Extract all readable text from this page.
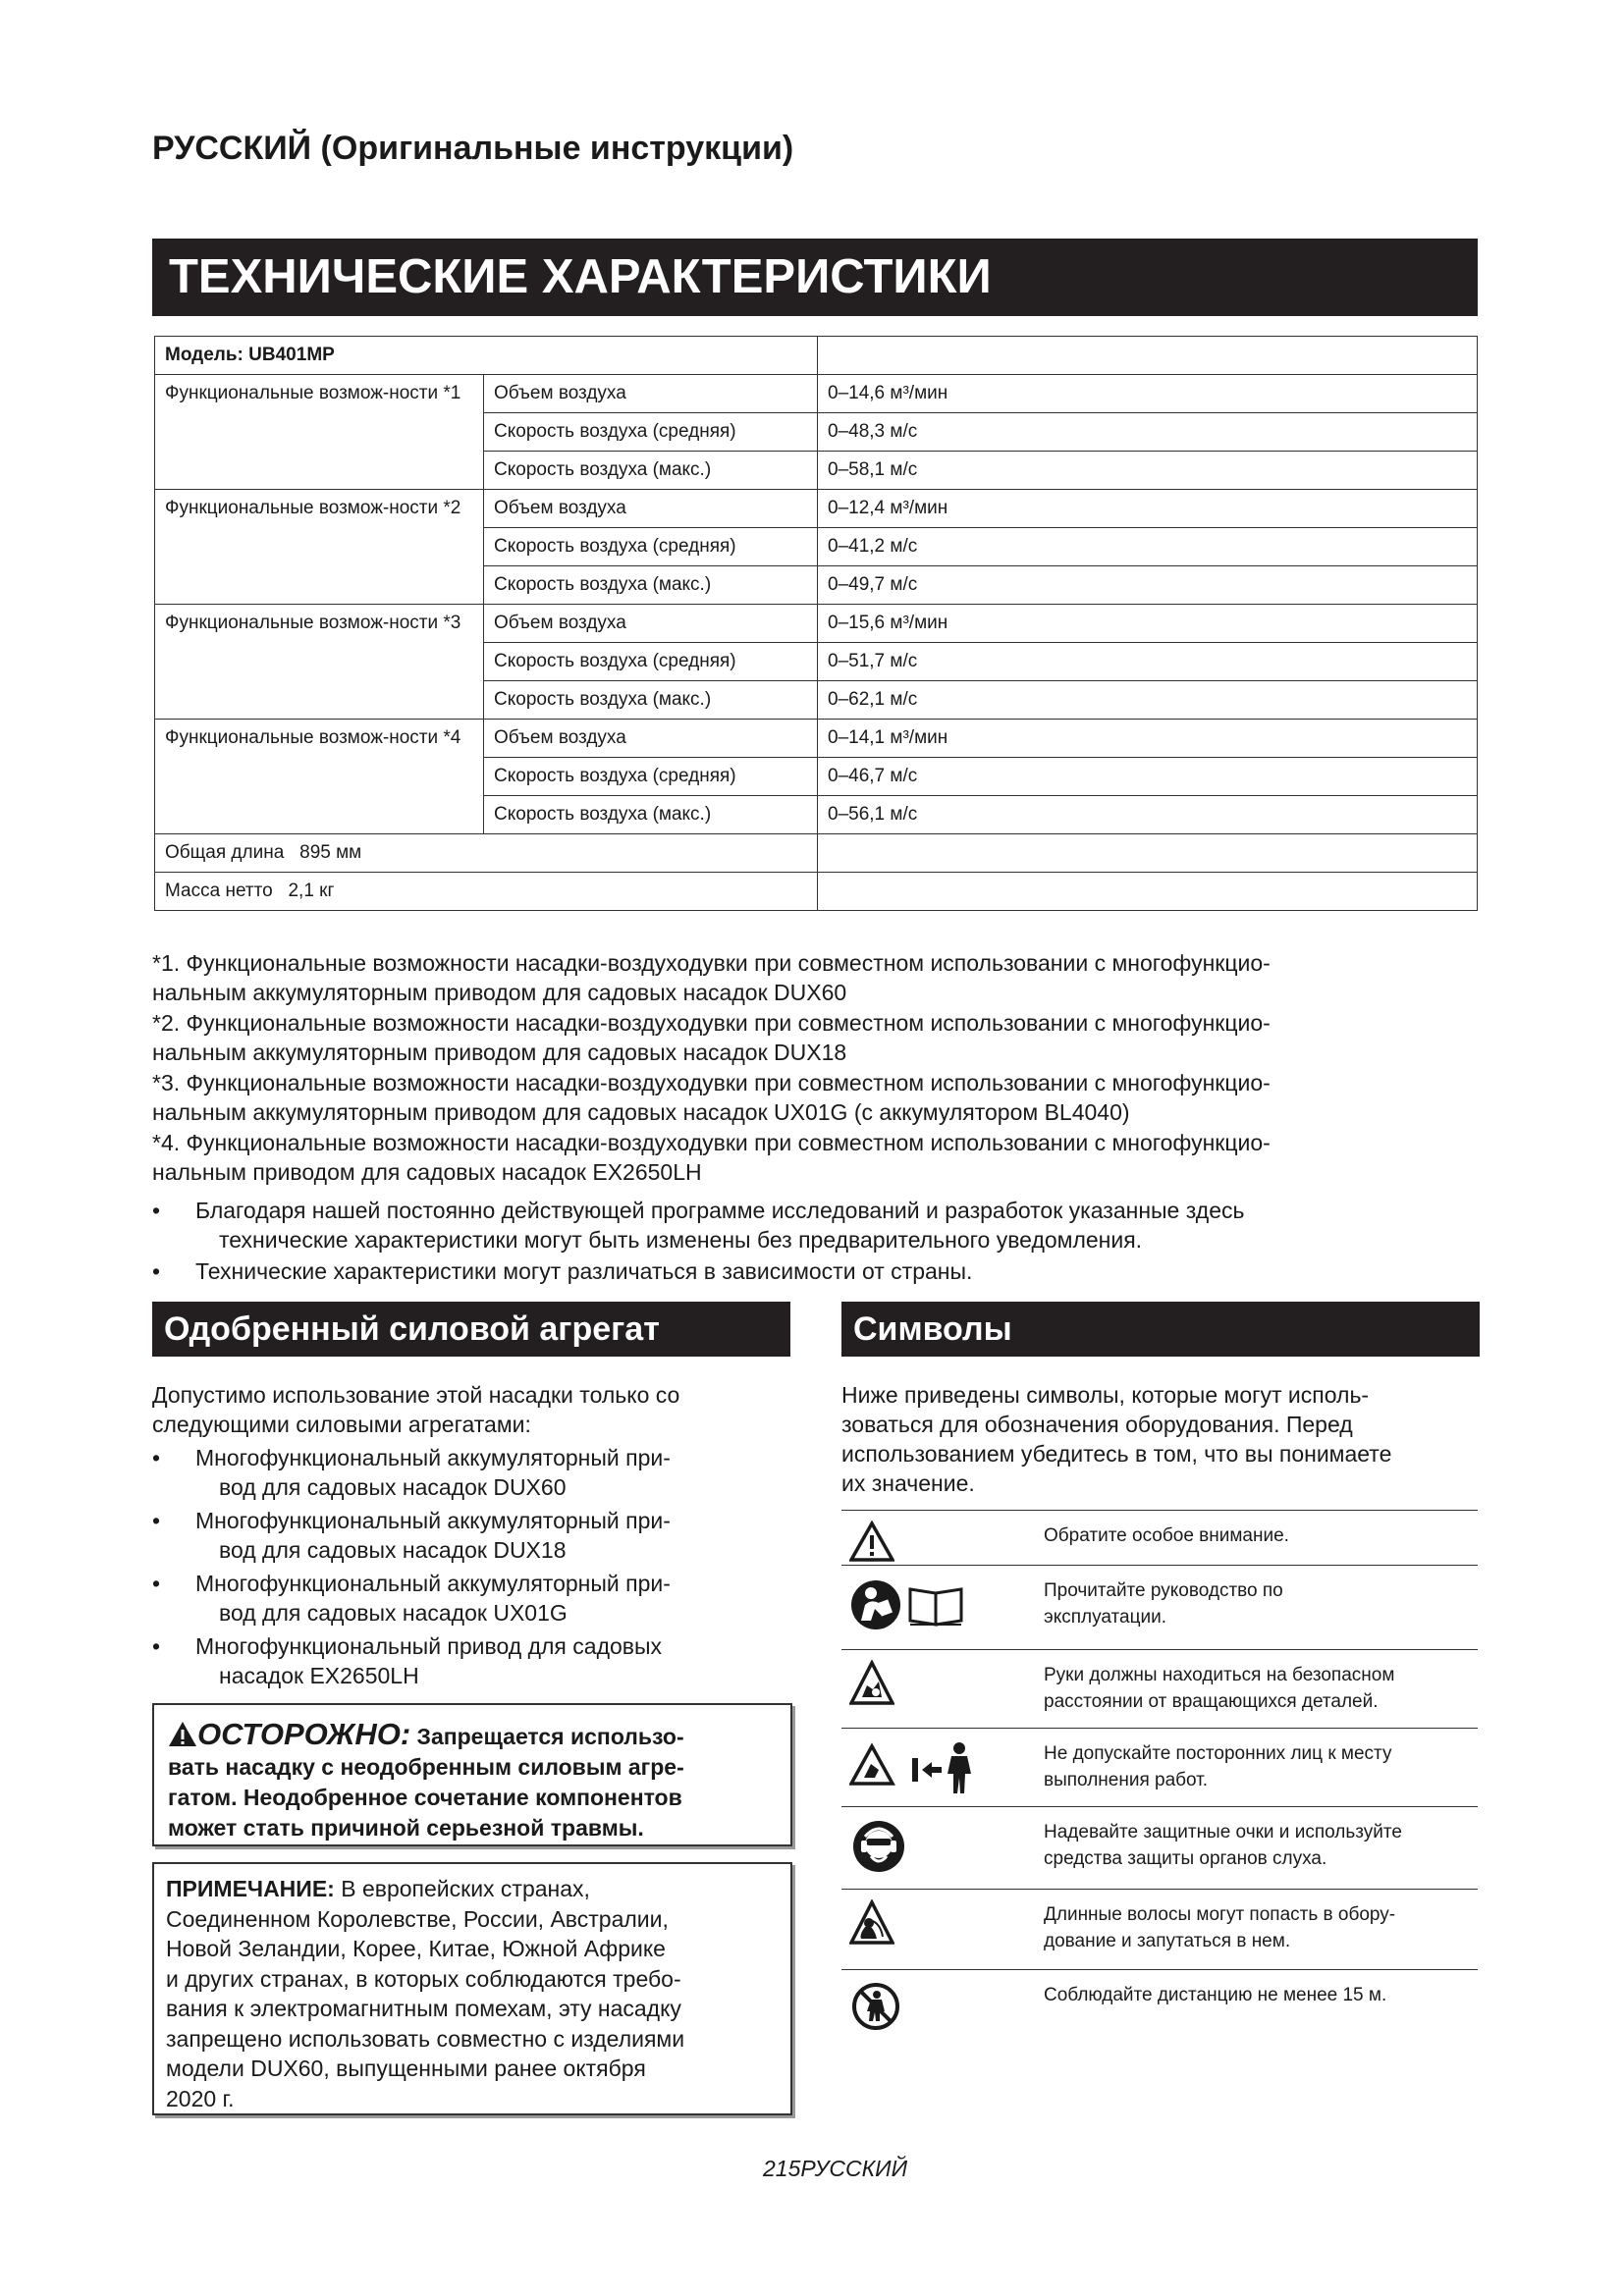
РУССКИЙ (Оригинальные инструкции)
ТЕХНИЧЕСКИЕ ХАРАКТЕРИСТИКИ
Модель: UB401MP		
Функциональные возмож-ности *1	Объем воздуха	0–14,6 м³/мин
	Скорость воздуха (средняя)	0–48,3 м/с
	Скорость воздуха (макс.)	0–58,1 м/с
Функциональные возмож-ности *2	Объем воздуха	0–12,4 м³/мин
	Скорость воздуха (средняя)	0–41,2 м/с
	Скорость воздуха (макс.)	0–49,7 м/с
Функциональные возмож-ности *3	Объем воздуха	0–15,6 м³/мин
	Скорость воздуха (средняя)	0–51,7 м/с
	Скорость воздуха (макс.)	0–62,1 м/с
Функциональные возмож-ности *4	Объем воздуха	0–14,1 м³/мин
	Скорость воздуха (средняя)	0–46,7 м/с
	Скорость воздуха (макс.)	0–56,1 м/с
Общая длина 895 мм		
Масса нетто 2,1 кг		
*1. Функциональные возможности насадки-воздуходувки при совместном использовании с многофункцио-
нальным аккумуляторным приводом для садовых насадок DUX60
*2. Функциональные возможности насадки-воздуходувки при совместном использовании с многофункцио-
нальным аккумуляторным приводом для садовых насадок DUX18
*3. Функциональные возможности насадки-воздуходувки при совместном использовании с многофункцио-
нальным аккумуляторным приводом для садовых насадок UX01G (с аккумулятором BL4040)
*4. Функциональные возможности насадки-воздуходувки при совместном использовании с многофункцио-
нальным приводом для садовых насадок EX2650LH
• Благодаря нашей постоянно действующей программе исследований и разработок указанные здесь
технические характеристики могут быть изменены без предварительного уведомления.
• Технические характеристики могут различаться в зависимости от страны.
Одобренный силовой агрегат
Допустимо использование этой насадки только со
следующими силовыми агрегатами:
• Многофункциональный аккумуляторный при-
вод для садовых насадок DUX60
• Многофункциональный аккумуляторный при-
вод для садовых насадок DUX18
• Многофункциональный аккумуляторный при-
вод для садовых насадок UX01G
• Многофункциональный привод для садовых
насадок EX2650LH
ОСТОРОЖНО: Запрещается использо-
вать насадку с неодобренным силовым агре-
гатом. Неодобренное сочетание компонентов
может стать причиной серьезной травмы.
ПРИМЕЧАНИЕ: В европейских странах,
Соединенном Королевстве, России, Австралии,
Новой Зеландии, Корее, Китае, Южной Африке
и других странах, в которых соблюдаются требо-
вания к электромагнитным помехам, эту насадку
запрещено использовать совместно с изделиями
модели DUX60, выпущенными ранее октября
2020 г.
Символы
Ниже приведены символы, которые могут исполь-
зоваться для обозначения оборудования. Перед
использованием убедитесь в том, что вы понимаете
их значение.
Обратите особое внимание.
Прочитайте руководство по
эксплуатации.
Руки должны находиться на безопасном
расстоянии от вращающихся деталей.
Не допускайте посторонних лиц к месту
выполнения работ.
Надевайте защитные очки и используйте
средства защиты органов слуха.
Длинные волосы могут попасть в обору-
дование и запутаться в нем.
Соблюдайте дистанцию не менее 15 м.
215РУССКИЙ
